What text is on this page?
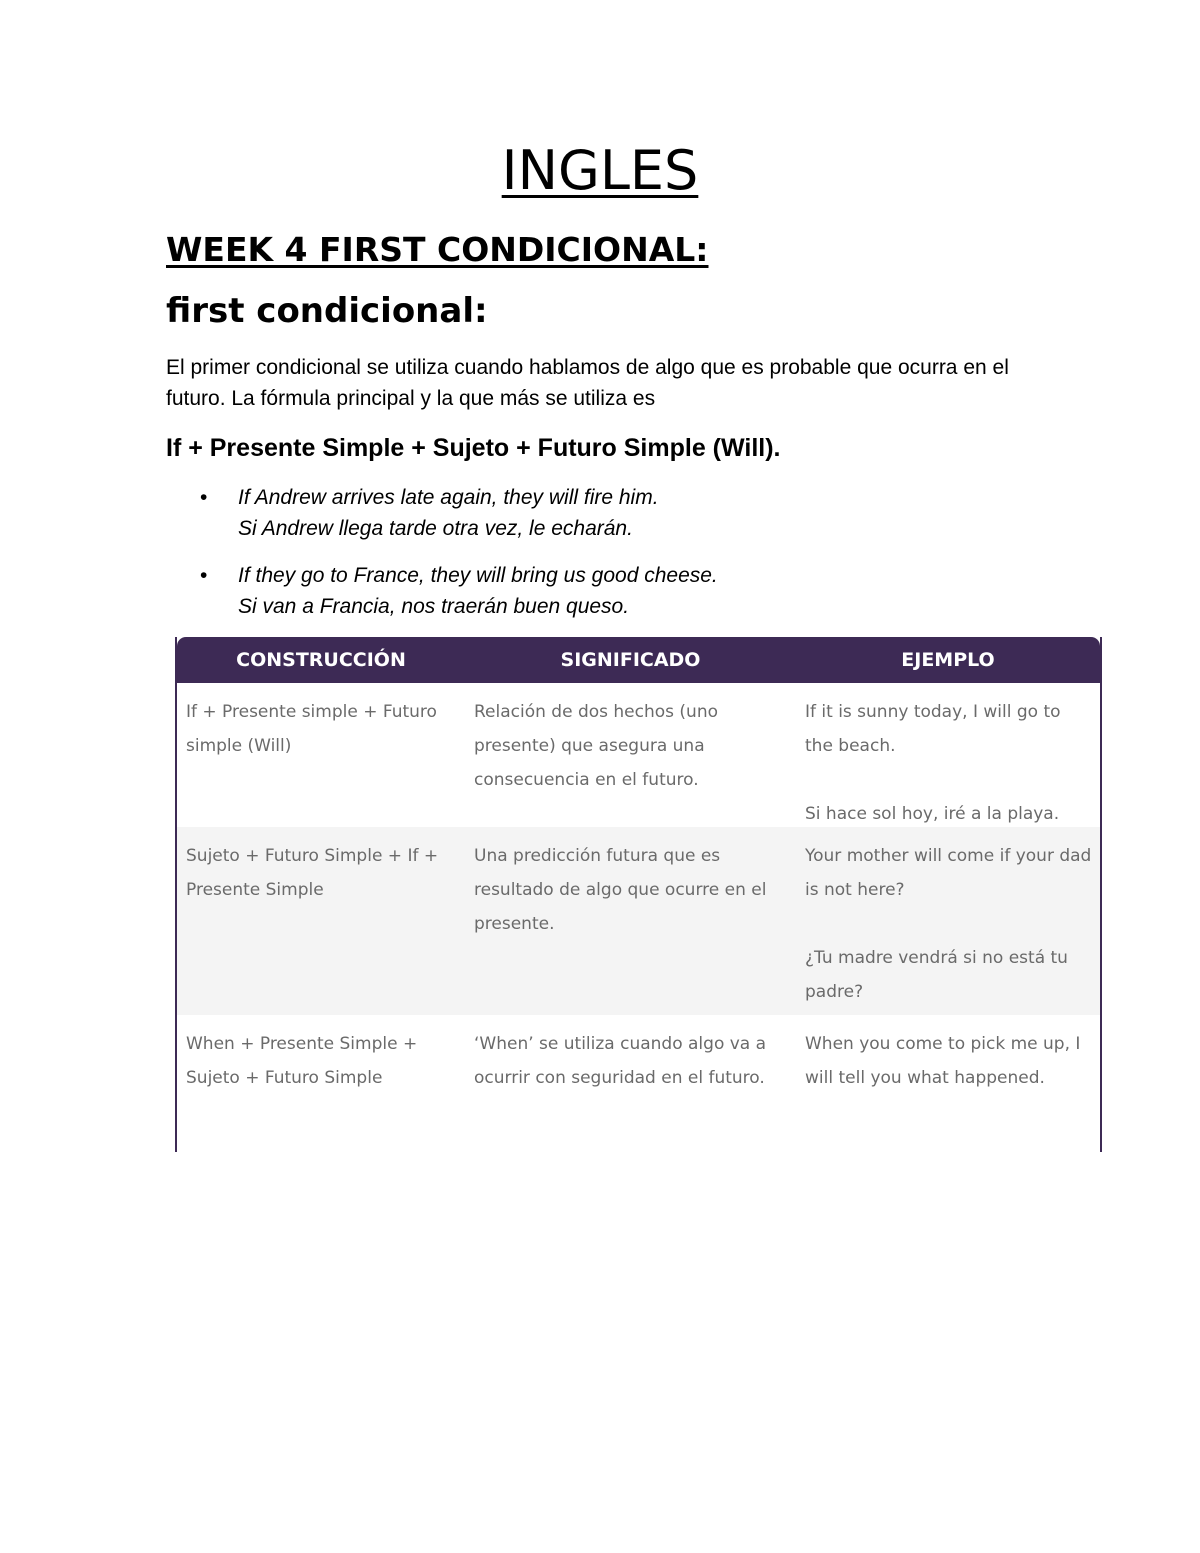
INGLES
WEEK 4 FIRST CONDICIONAL:
first condicional:

El primer condicional se utiliza cuando hablamos de algo que es probable que ocurra en el futuro. La fórmula principal y la que más se utiliza es

If + Presente Simple + Sujeto + Futuro Simple (Will).

• If Andrew arrives late again, they will fire him.
Si Andrew llega tarde otra vez, le echarán.
• If they go to France, they will bring us good cheese.
Si van a Francia, nos traerán buen queso.
CONSTRUCCIÓN	SIGNIFICADO	EJEMPLO

If + Presente simple + Futuro simple (Will)

Relación de dos hechos (uno presente) que asegura una consecuencia en el futuro.

If it is sunny today, I will go to the beach.

Si hace sol hoy, iré a la playa.

Sujeto + Futuro Simple + If + Presente Simple

Una predicción futura que es resultado de algo que ocurre en el presente.

Your mother will come if your dad is not here?

¿Tu madre vendrá si no está tu padre?

When + Presente Simple + Sujeto + Futuro Simple

‘When’ se utiliza cuando algo va a ocurrir con seguridad en el futuro.

When you come to pick me up, I will tell you what happened.
